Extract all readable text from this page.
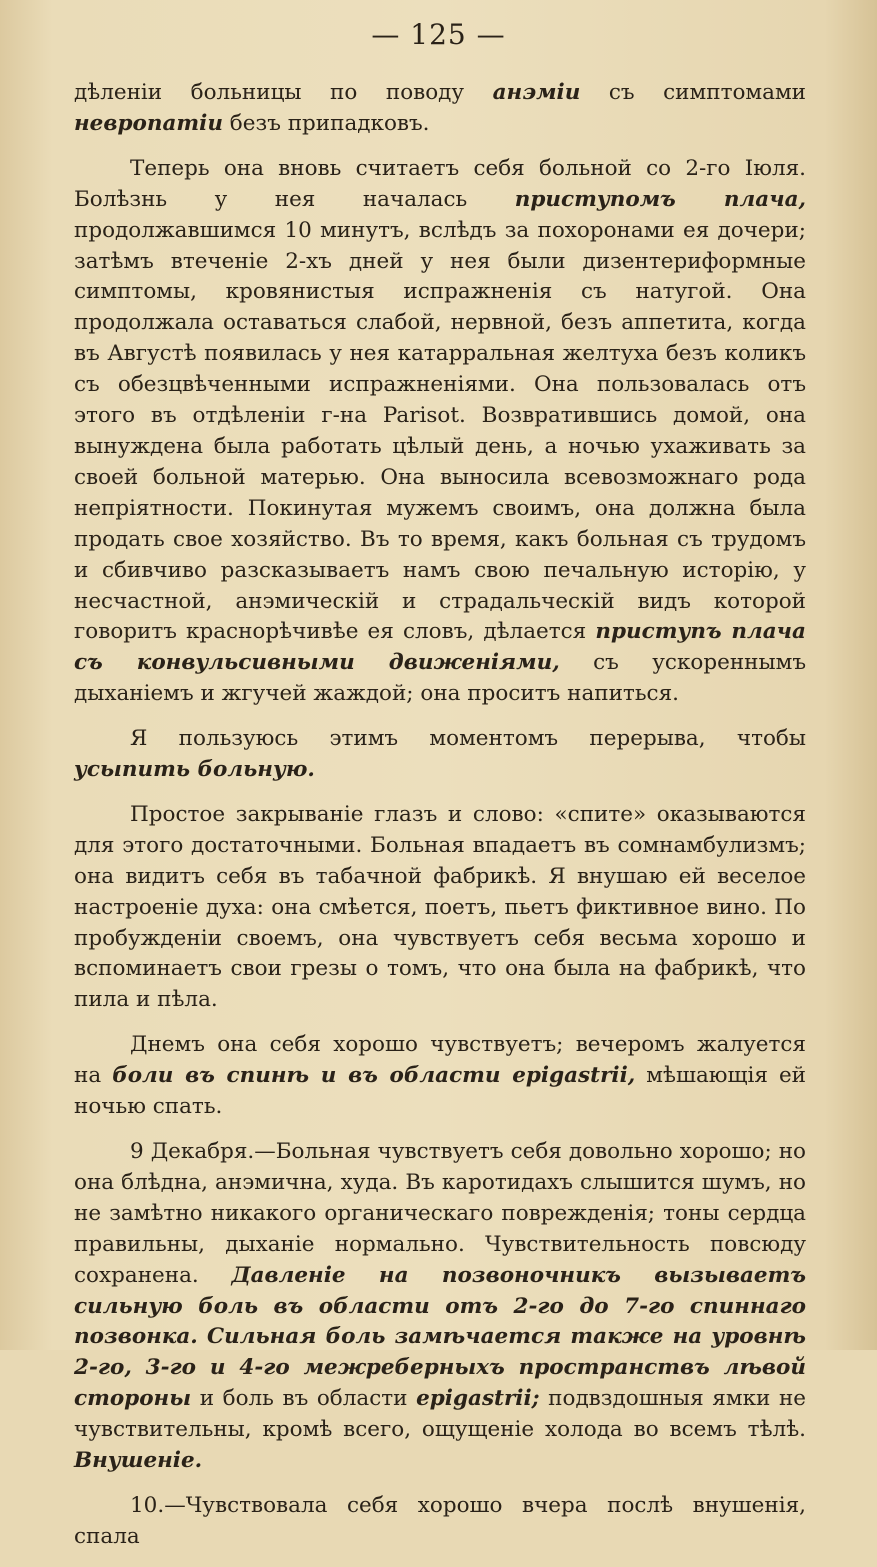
— 125 —

дѣленіи больницы по поводу анэміи съ симптомами невропатіи безъ припадковъ.

Теперь она вновь считаетъ себя больной со 2-го Іюля. Болѣзнь у нея началась приступомъ плача, продолжавшимся 10 минутъ, вслѣдъ за похоронами ея дочери; затѣмъ втеченіе 2-хъ дней у нея были дизентериформные симптомы, кровянистыя испражненія съ натугой. Она продолжала оставаться слабой, нервной, безъ аппетита, когда въ Августѣ появилась у нея катарральная желтуха безъ коликъ съ обезцвѣченными испражненіями. Она пользовалась отъ этого въ отдѣленіи г-на Parisot. Возвратившись домой, она вынуждена была работать цѣлый день, а ночью ухаживать за своей больной матерью. Она выносила всевозможнаго рода непріятности. Покинутая мужемъ своимъ, она должна была продать свое хозяйство. Въ то время, какъ больная съ трудомъ и сбивчиво разсказываетъ намъ свою печальную исторію, у несчастной, анэмическій и страдальческій видъ которой говоритъ краснорѣчивѣе ея словъ, дѣлается приступъ плача съ конвульсивными движеніями, съ ускореннымъ дыханіемъ и жгучей жаждой; она проситъ напиться.

Я пользуюсь этимъ моментомъ перерыва, чтобы усыпить больную.

Простое закрываніе глазъ и слово: «спите» оказываются для этого достаточными. Больная впадаетъ въ сомнамбулизмъ; она видитъ себя въ табачной фабрикѣ. Я внушаю ей веселое настроеніе духа: она смѣется, поетъ, пьетъ фиктивное вино. По пробужденіи своемъ, она чувствуетъ себя весьма хорошо и вспоминаетъ свои грезы о томъ, что она была на фабрикѣ, что пила и пѣла.

Днемъ она себя хорошо чувствуетъ; вечеромъ жалуется на боли въ спинѣ и въ области epigastrii, мѣшающія ей ночью спать.

9 Декабря.—Больная чувствуетъ себя довольно хорошо; но она блѣдна, анэмична, худа. Въ каротидахъ слышится шумъ, но не замѣтно никакого органическаго поврежденія; тоны сердца правильны, дыханіе нормально. Чувствительность повсюду сохранена. Давленіе на позвоночникъ вызываетъ сильную боль въ области отъ 2-го до 7-го спиннаго позвонка. Сильная боль замѣчается также на уровнѣ 2-го, 3-го и 4-го межреберныхъ пространствъ лѣвой стороны и боль въ области epigastrii; подвздошныя ямки не чувствительны, кромѣ всего, ощущеніе холода во всемъ тѣлѣ. Внушеніе.

10.—Чувствовала себя хорошо вчера послѣ внушенія, спала
